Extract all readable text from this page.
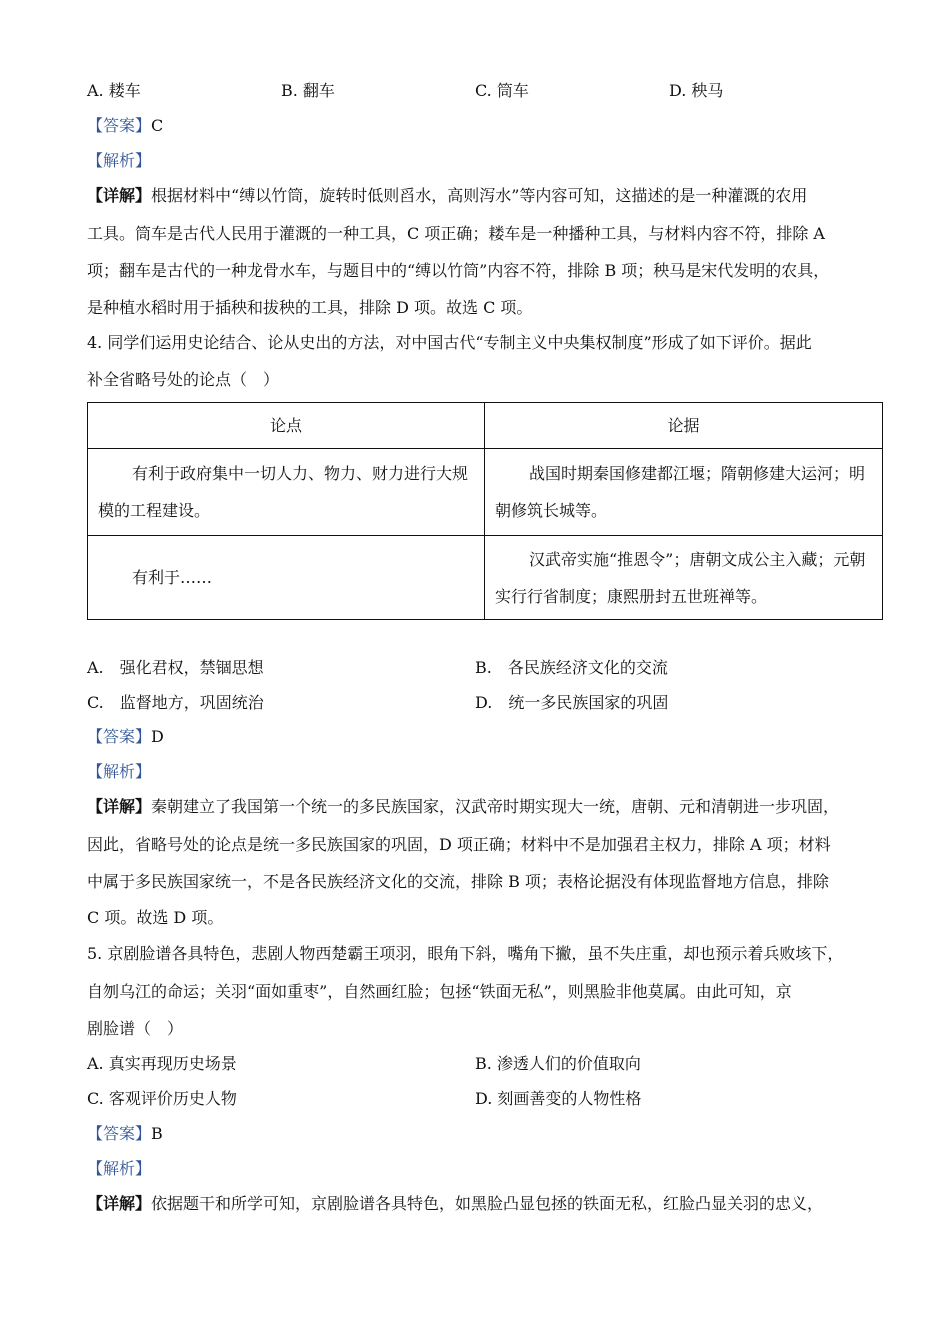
A. 耧车	B. 翻车	C. 筒车	D. 秧马
【答案】C
【解析】
【详解】根据材料中“缚以竹筒，旋转时低则舀水，高则泻水”等内容可知，这描述的是一种灌溉的农用
工具。筒车是古代人民用于灌溉的一种工具，C 项正确；耧车是一种播种工具，与材料内容不符，排除 A
项；翻车是古代的一种龙骨水车，与题目中的“缚以竹筒”内容不符，排除 B 项；秧马是宋代发明的农具，
是种植水稻时用于插秧和拔秧的工具，排除 D 项。故选 C 项。
4. 同学们运用史论结合、论从史出的方法，对中国古代“专制主义中央集权制度”形成了如下评价。据此
补全省略号处的论点（　）
论点	论据
有利于政府集中一切人力、物力、财力进行大规模的工程建设。	战国时期秦国修建都江堰；隋朝修建大运河；明朝修筑长城等。
有利于……	汉武帝实施“推恩令”；唐朝文成公主入藏；元朝实行行省制度；康熙册封五世班禅等。
A.　强化君权，禁锢思想	B.　各民族经济文化的交流
C.　监督地方，巩固统治	D.　统一多民族国家的巩固
【答案】D
【解析】
【详解】秦朝建立了我国第一个统一的多民族国家，汉武帝时期实现大一统，唐朝、元和清朝进一步巩固，
因此，省略号处的论点是统一多民族国家的巩固，D 项正确；材料中不是加强君主权力，排除 A 项；材料
中属于多民族国家统一，不是各民族经济文化的交流，排除 B 项；表格论据没有体现监督地方信息，排除
C 项。故选 D 项。
5. 京剧脸谱各具特色，悲剧人物西楚霸王项羽，眼角下斜，嘴角下撇，虽不失庄重，却也预示着兵败垓下，
自刎乌江的命运；关羽“面如重枣”，自然画红脸；包拯“铁面无私”，则黑脸非他莫属。由此可知，京
剧脸谱（　）
A. 真实再现历史场景	B. 渗透人们的价值取向
C. 客观评价历史人物	D. 刻画善变的人物性格
【答案】B
【解析】
【详解】依据题干和所学可知，京剧脸谱各具特色，如黑脸凸显包拯的铁面无私，红脸凸显关羽的忠义，
